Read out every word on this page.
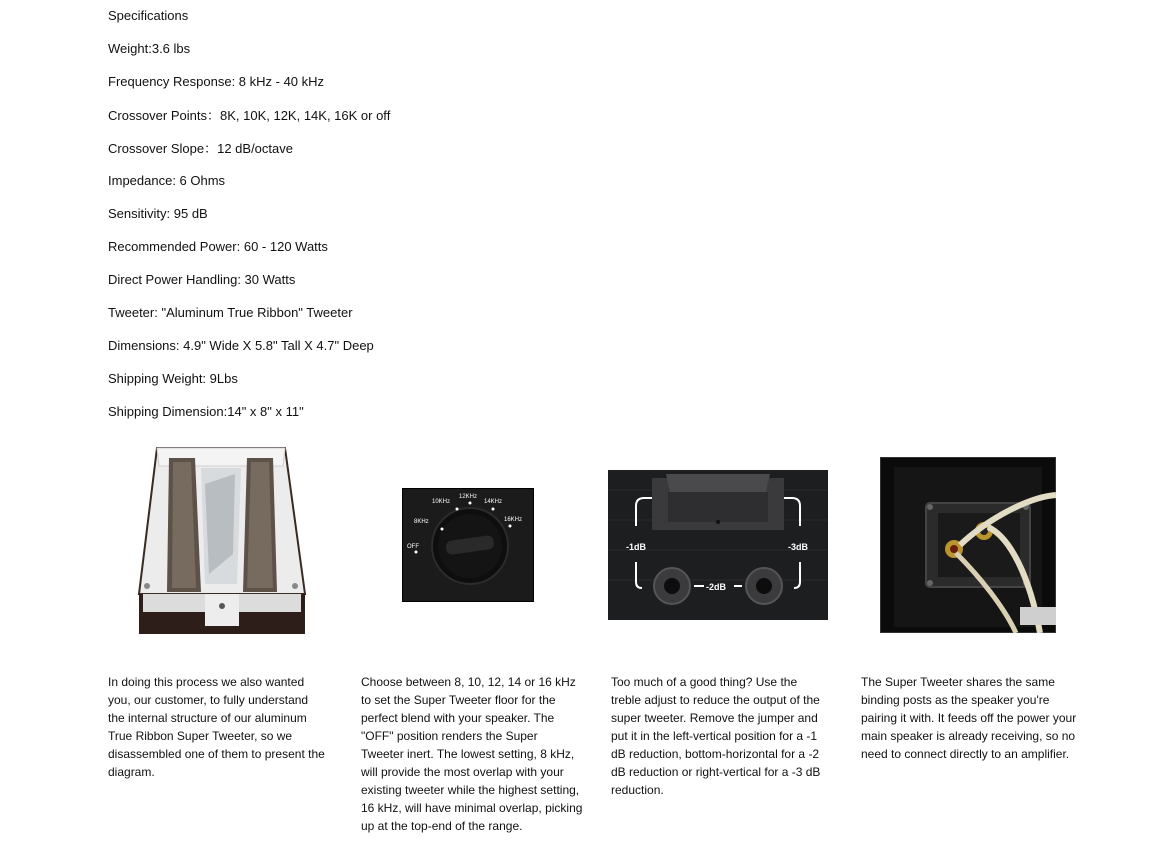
Specifications
Weight:3.6 lbs
Frequency Response: 8 kHz - 40 kHz
Crossover Points：8K, 10K, 12K, 14K, 16K or off
Crossover Slope：12 dB/octave
Impedance: 6 Ohms
Sensitivity: 95 dB
Recommended Power: 60 - 120 Watts
Direct Power Handling: 30 Watts
Tweeter: "Aluminum True Ribbon" Tweeter
Dimensions: 4.9" Wide X 5.8" Tall X 4.7" Deep
Shipping Weight: 9Lbs
Shipping Dimension:14" x 8" x 11"
8KHz
10KHz
12KHz
14KHz
16KHz
OFF	-1dB
-2dB
-3dB
In doing this process we also wanted you, our customer, to fully understand the internal structure of our aluminum True Ribbon Super Tweeter, so we disassembled one of them to present the diagram.
Choose between 8, 10, 12, 14 or 16 kHz to set the Super Tweeter floor for the perfect blend with your speaker. The "OFF" position renders the Super Tweeter inert. The lowest setting, 8 kHz, will provide the most overlap with your existing tweeter while the highest setting, 16 kHz, will have minimal overlap, picking up at the top-end of the range.
Too much of a good thing? Use the treble adjust to reduce the output of the super tweeter. Remove the jumper and put it in the left-vertical position for a -1 dB reduction, bottom-horizontal for a -2 dB reduction or right-vertical for a -3 dB reduction.
The Super Tweeter shares the same binding posts as the speaker you're pairing it with. It feeds off the power your main speaker is already receiving, so no need to connect directly to an amplifier.
